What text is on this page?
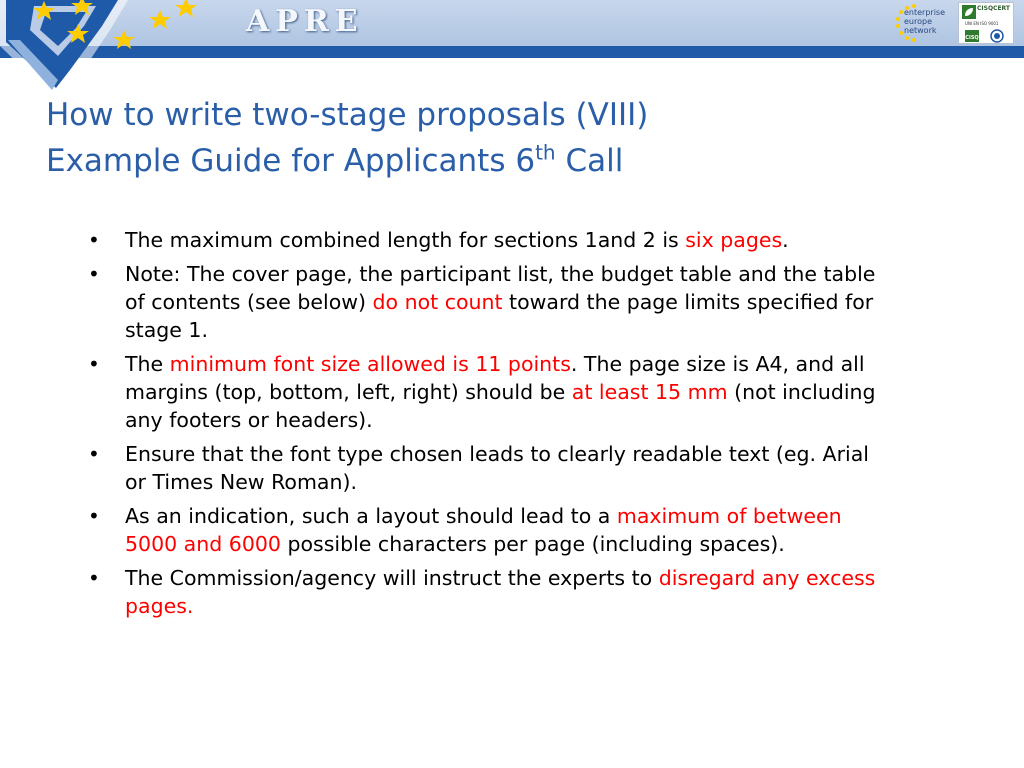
APRE	enterprise
europe
network
CISQCERT
UNI EN ISO 9001
CISQ
How to write two-stage proposals (VIII)
Example Guide for Applicants 6th Call
• The maximum combined length for sections 1and 2 is six pages.
• Note: The cover page, the participant list, the budget table and the table of contents (see below) do not count toward the page limits specified for stage 1.
• The minimum font size allowed is 11 points. The page size is A4, and all margins (top, bottom, left, right) should be at least 15 mm (not including any footers or headers).
• Ensure that the font type chosen leads to clearly readable text (eg. Arial or Times New Roman).
• As an indication, such a layout should lead to a maximum of between 5000 and 6000 possible characters per page (including spaces).
• The Commission/agency will instruct the experts to disregard any excess pages.
